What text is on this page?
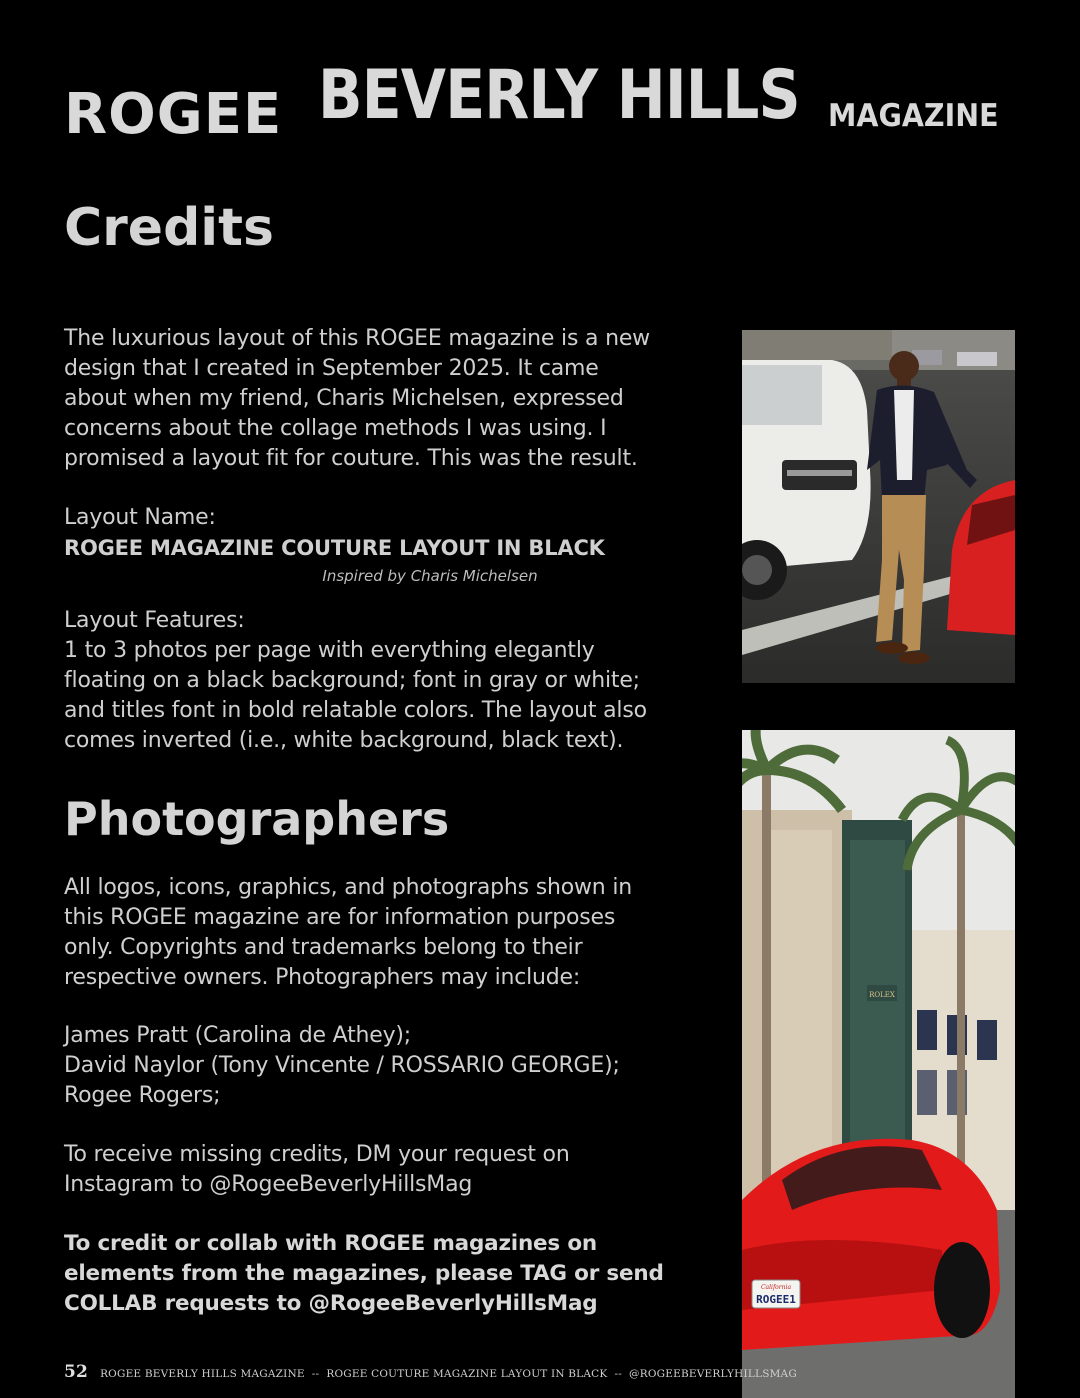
ROGEE BEVERLY HILLS MAGAZINE
Credits

The luxurious layout of this ROGEE magazine is a new
design that I created in September 2025. It came
about when my friend, Charis Michelsen, expressed
concerns about the collage methods I was using. I
promised a layout fit for couture. This was the result.

Layout Name:

ROGEE MAGAZINE COUTURE LAYOUT IN BLACK

Inspired by Charis Michelsen

Layout Features:
1 to 3 photos per page with everything elegantly
floating on a black background; font in gray or white;
and titles font in bold relatable colors. The layout also
comes inverted (i.e., white background, black text).

Photographers

All logos, icons, graphics, and photographs shown in
this ROGEE magazine are for information purposes
only. Copyrights and trademarks belong to their
respective owners. Photographers may include:

James Pratt (Carolina de Athey);
David Naylor (Tony Vincente / ROSSARIO GEORGE);
Rogee Rogers;

To receive missing credits, DM your request on
Instagram to @RogeeBeverlyHillsMag

To credit or collab with ROGEE magazines on
elements from the magazines, please TAG or send
COLLAB requests to @RogeeBeverlyHillsMag

ROLEX
California
ROGEE1
52 ROGEE BEVERLY HILLS MAGAZINE  --  ROGEE COUTURE MAGAZINE LAYOUT IN BLACK  --  @ROGEEBEVERLYHILLSMAG
